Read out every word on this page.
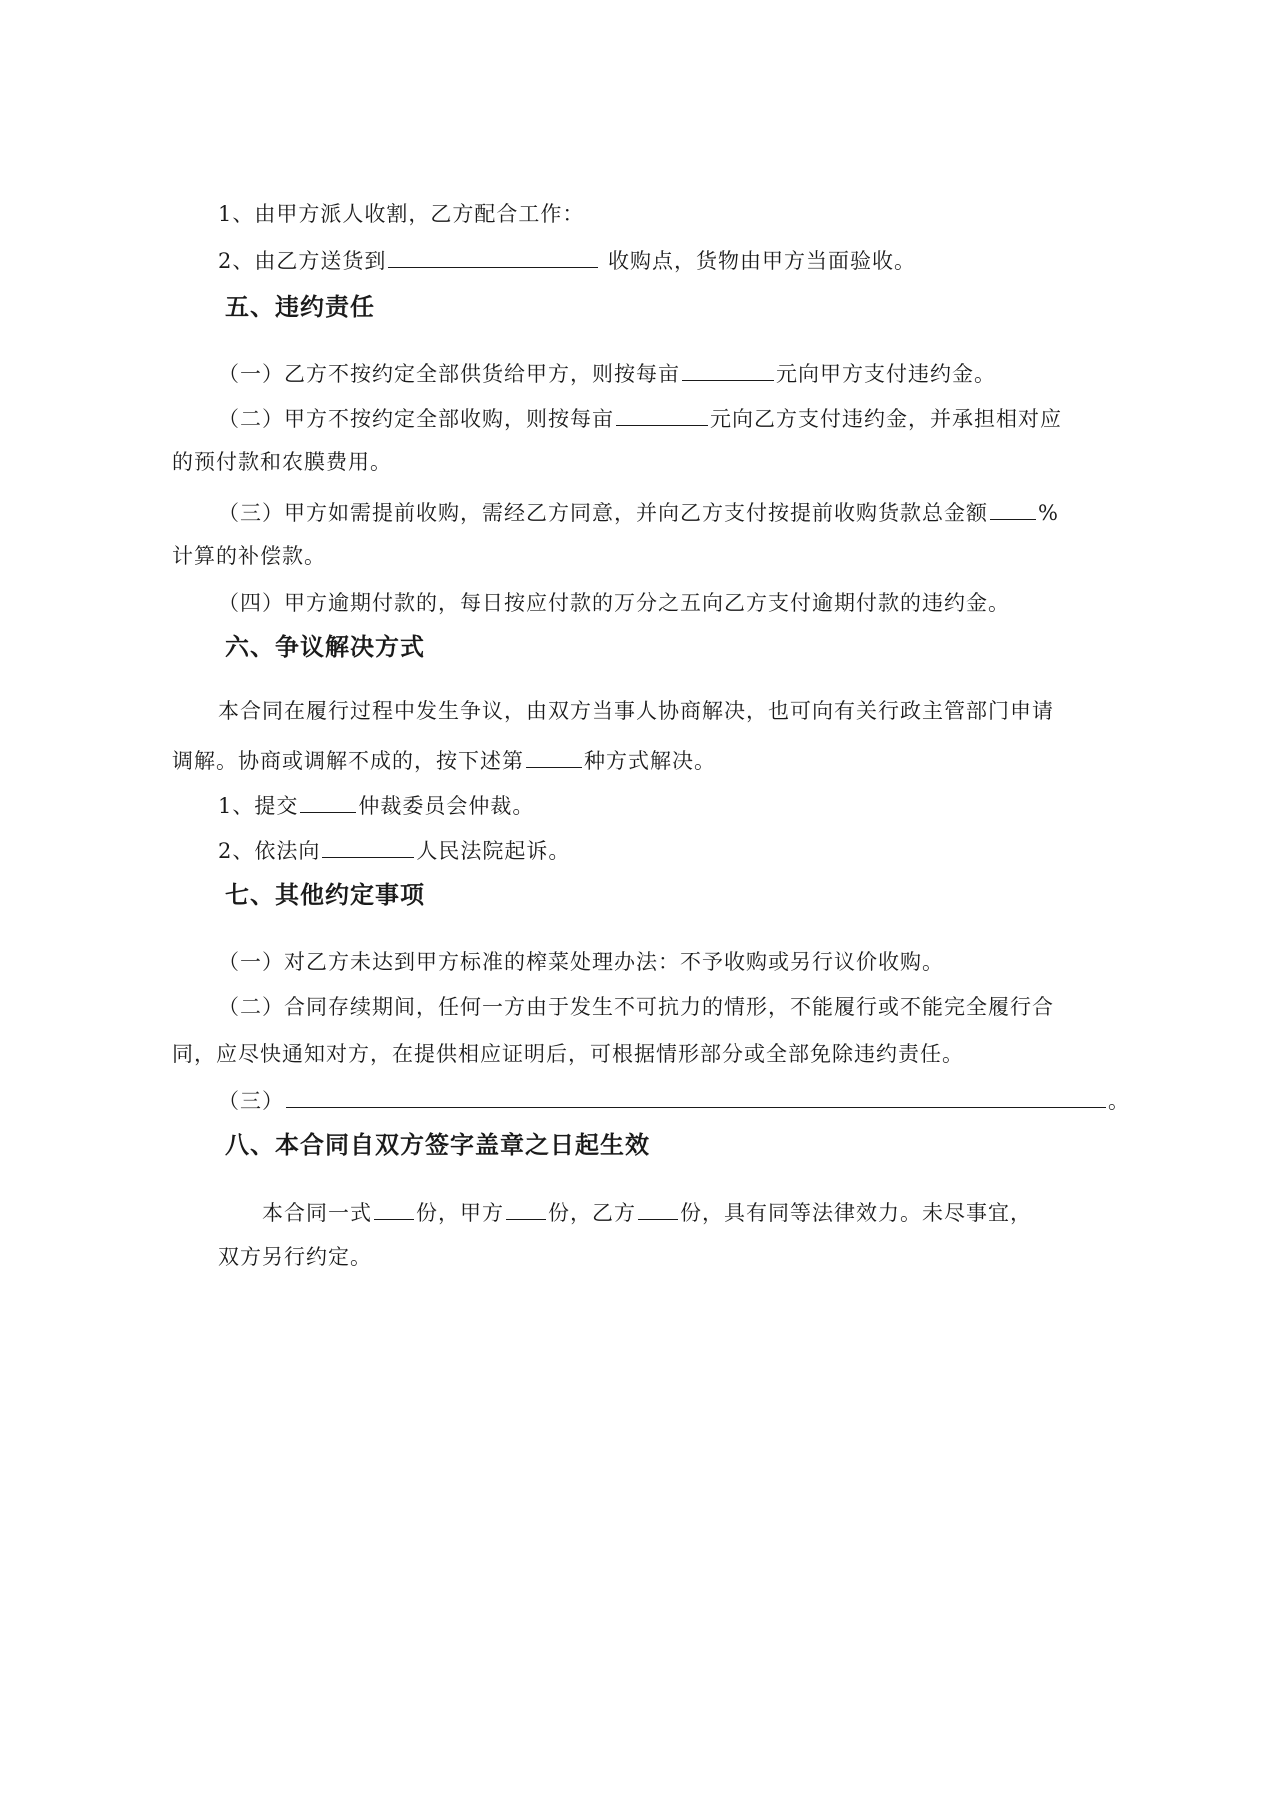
1、由甲方派人收割，乙方配合工作：
2、由乙方送货到	收购点，货物由甲方当面验收。
五、违约责任
（一）乙方不按约定全部供货给甲方，则按每亩	元向甲方支付违约金。
（二）甲方不按约定全部收购，则按每亩	元向乙方支付违约金，并承担相对应
的预付款和农膜费用。
（三）甲方如需提前收购，需经乙方同意，并向乙方支付按提前收购货款总金额 %
计算的补偿款。
（四）甲方逾期付款的，每日按应付款的万分之五向乙方支付逾期付款的违约金。
六、争议解决方式
本合同在履行过程中发生争议，由双方当事人协商解决，也可向有关行政主管部门申请
调解。协商或调解不成的，按下述第	种方式解决。
1、提交	仲裁委员会仲裁。
2、依法向	人民法院起诉。
七、其他约定事项
（一）对乙方未达到甲方标准的榨菜处理办法：不予收购或另行议价收购。
（二）合同存续期间，任何一方由于发生不可抗力的情形，不能履行或不能完全履行合
同，应尽快通知对方，在提供相应证明后，可根据情形部分或全部免除违约责任。
（三）	。
八、本合同自双方签字盖章之日起生效
本合同一式 份，甲方 份，乙方 份，具有同等法律效力。未尽事宜，
双方另行约定。
